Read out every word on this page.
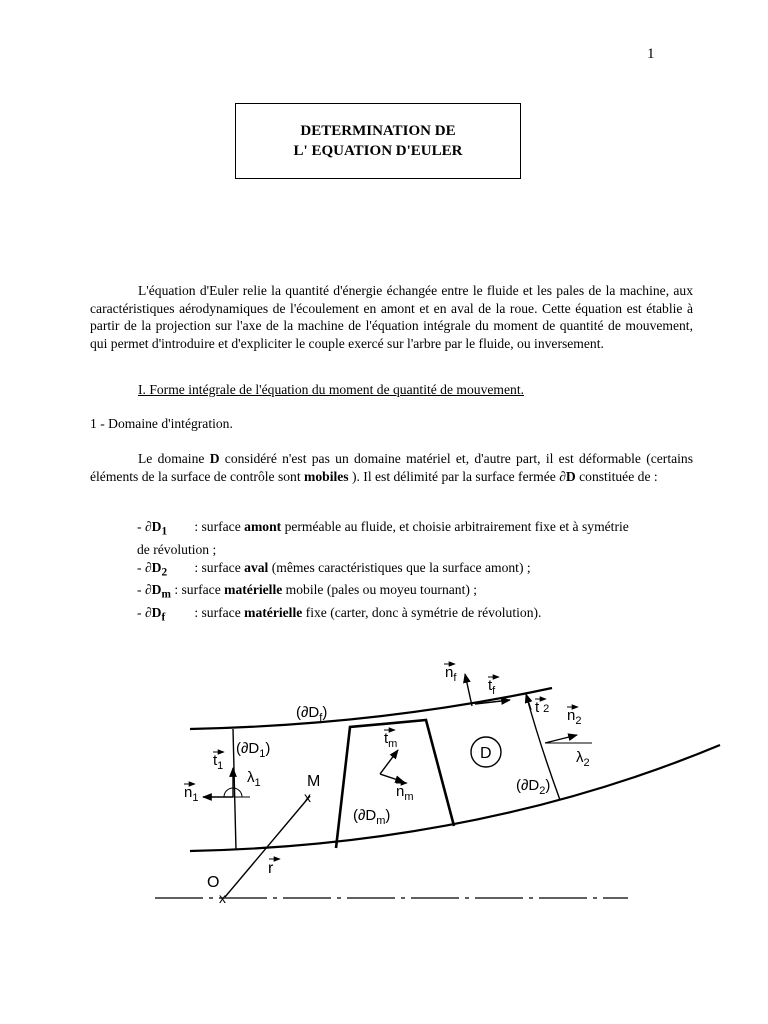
1
DETERMINATION DE
L' EQUATION D'EULER

L'équation d'Euler relie la quantité d'énergie échangée entre le fluide et les pales de la machine, aux caractéristiques aérodynamiques de l'écoulement en amont et en aval de la roue. Cette équation est établie à partir de la projection sur l'axe de la machine de l'équation intégrale du moment de quantité de mouvement, qui permet d'introduire et d'expliciter le couple exercé sur l'arbre par le fluide, ou inversement.

I. Forme intégrale de l'équation du moment de quantité de mouvement.
1 - Domaine d'intégration.

Le domaine D considéré n'est pas un domaine matériel et, d'autre part, il est déformable (certains éléments de la surface de contrôle sont mobiles ). Il est délimité par la surface fermée ∂D constituée de :

- $\partial D_1$ : surface amont perméable au fluide, et choisie arbitrairement fixe et à symétrie
de révolution ;
- $\partial D_2$ : surface aval (mêmes caractéristiques que la surface amont) ;
- $\partial D_m$ : surface matérielle mobile (pales ou moyeu tournant) ;
- $\partial D_f$ : surface matérielle fixe (carter, donc à symétrie de révolution).
x
x
$n_f$ $t_f$
$(\partial D_f)$	t 2 $n_2$
$(\partial D_1)$
$t_m$
D
$t_1$
$\lambda_1$	M
$\lambda_2$
$n_1$	$n_m$
$(\partial D_2)$
$(\partial D_m)$
r
O
